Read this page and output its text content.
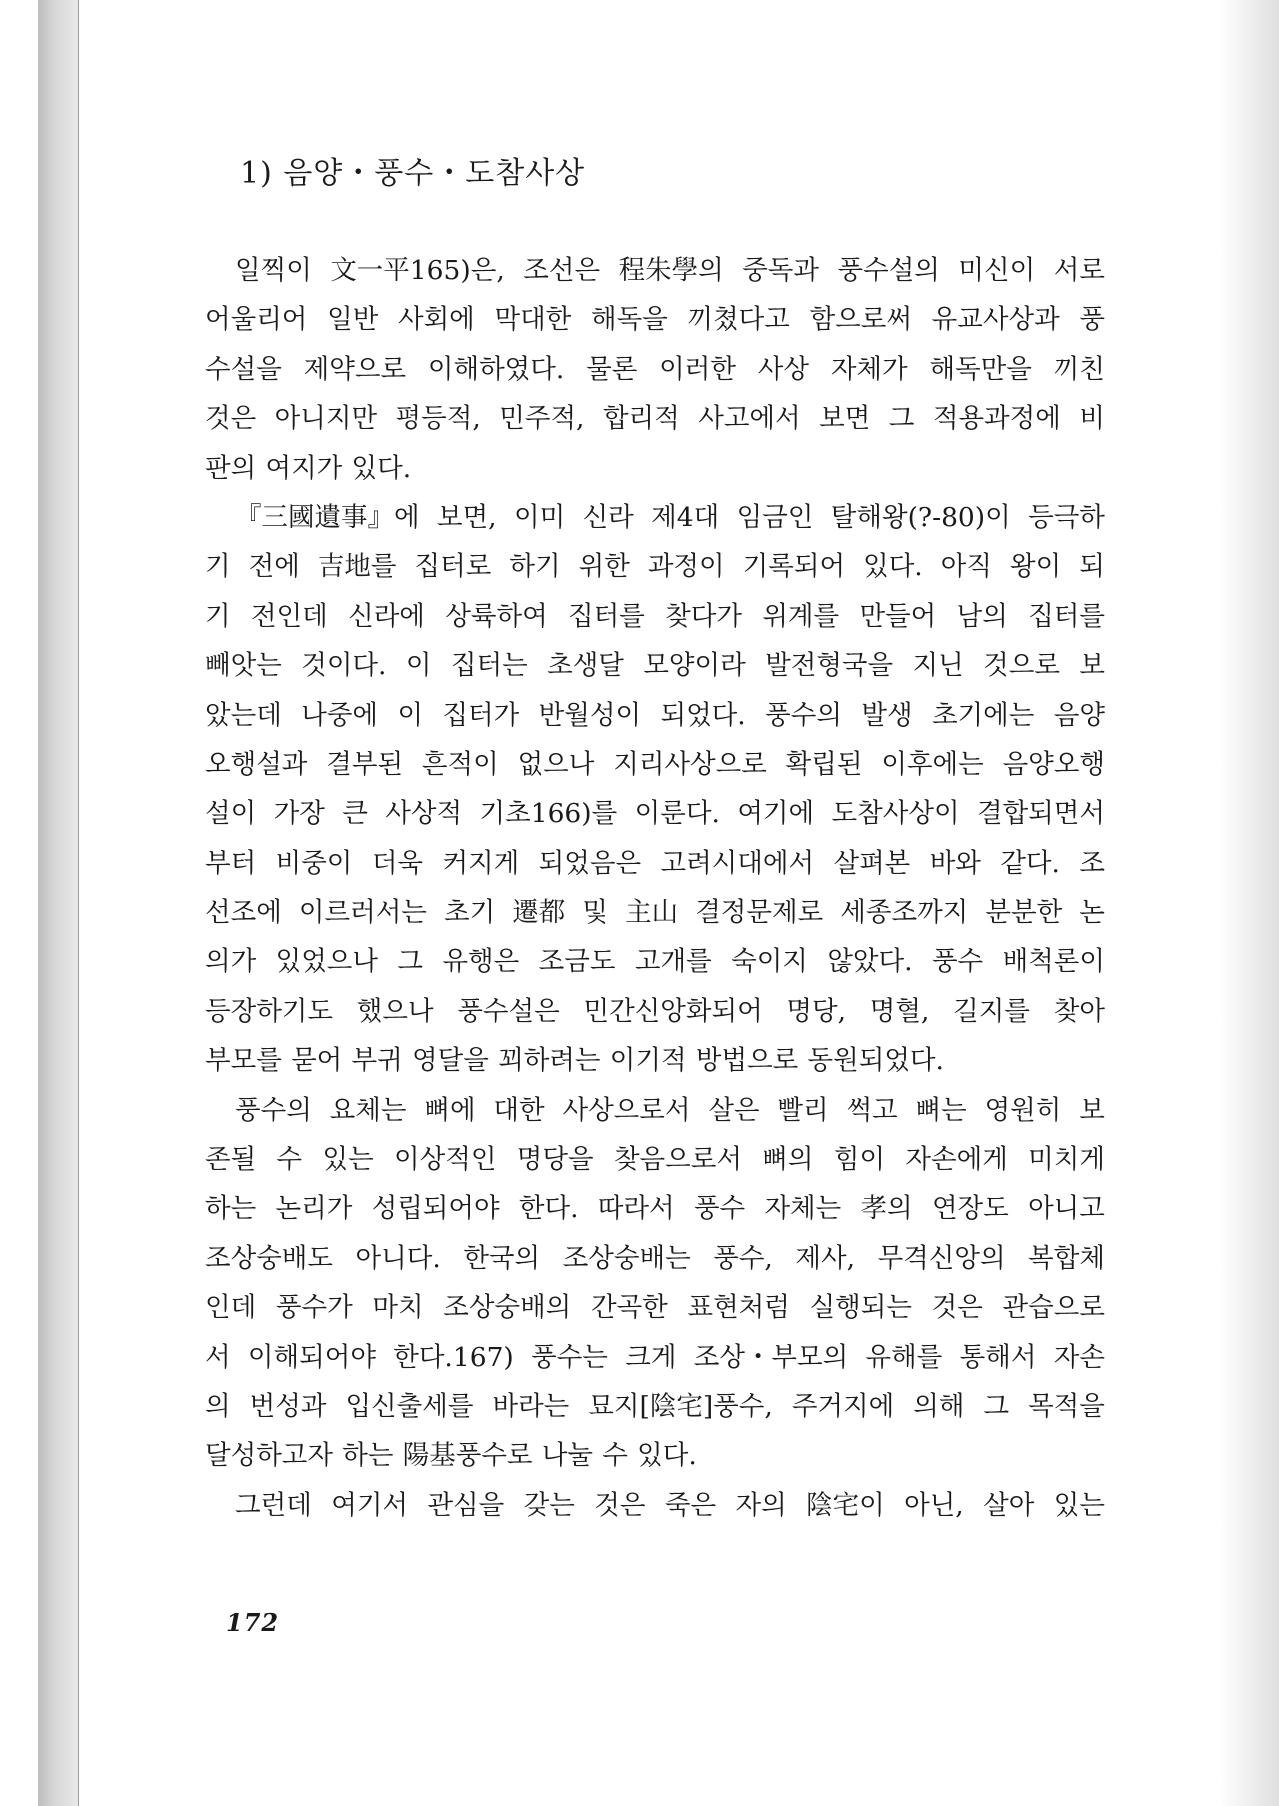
1) 음양・풍수・도참사상
일찍이 文一平165)은, 조선은 程朱學의 중독과 풍수설의 미신이 서로
어울리어 일반 사회에 막대한 해독을 끼쳤다고 함으로써 유교사상과 풍
수설을 제약으로 이해하였다. 물론 이러한 사상 자체가 해독만을 끼친
것은 아니지만 평등적, 민주적, 합리적 사고에서 보면 그 적용과정에 비
판의 여지가 있다.
『三國遺事』에 보면, 이미 신라 제4대 임금인 탈해왕(?-80)이 등극하
기 전에 吉地를 집터로 하기 위한 과정이 기록되어 있다. 아직 왕이 되
기 전인데 신라에 상륙하여 집터를 찾다가 위계를 만들어 남의 집터를
빼앗는 것이다. 이 집터는 초생달 모양이라 발전형국을 지닌 것으로 보
았는데 나중에 이 집터가 반월성이 되었다. 풍수의 발생 초기에는 음양
오행설과 결부된 흔적이 없으나 지리사상으로 확립된 이후에는 음양오행
설이 가장 큰 사상적 기초166)를 이룬다. 여기에 도참사상이 결합되면서
부터 비중이 더욱 커지게 되었음은 고려시대에서 살펴본 바와 같다. 조
선조에 이르러서는 초기 遷都 및 主山 결정문제로 세종조까지 분분한 논
의가 있었으나 그 유행은 조금도 고개를 숙이지 않았다. 풍수 배척론이
등장하기도 했으나 풍수설은 민간신앙화되어 명당, 명혈, 길지를 찾아
부모를 묻어 부귀 영달을 꾀하려는 이기적 방법으로 동원되었다.
풍수의 요체는 뼈에 대한 사상으로서 살은 빨리 썩고 뼈는 영원히 보
존될 수 있는 이상적인 명당을 찾음으로서 뼈의 힘이 자손에게 미치게
하는 논리가 성립되어야 한다. 따라서 풍수 자체는 孝의 연장도 아니고
조상숭배도 아니다. 한국의 조상숭배는 풍수, 제사, 무격신앙의 복합체
인데 풍수가 마치 조상숭배의 간곡한 표현처럼 실행되는 것은 관습으로
서 이해되어야 한다.167) 풍수는 크게 조상・부모의 유해를 통해서 자손
의 번성과 입신출세를 바라는 묘지[陰宅]풍수, 주거지에 의해 그 목적을
달성하고자 하는 陽基풍수로 나눌 수 있다.
그런데 여기서 관심을 갖는 것은 죽은 자의 陰宅이 아닌, 살아 있는
172
